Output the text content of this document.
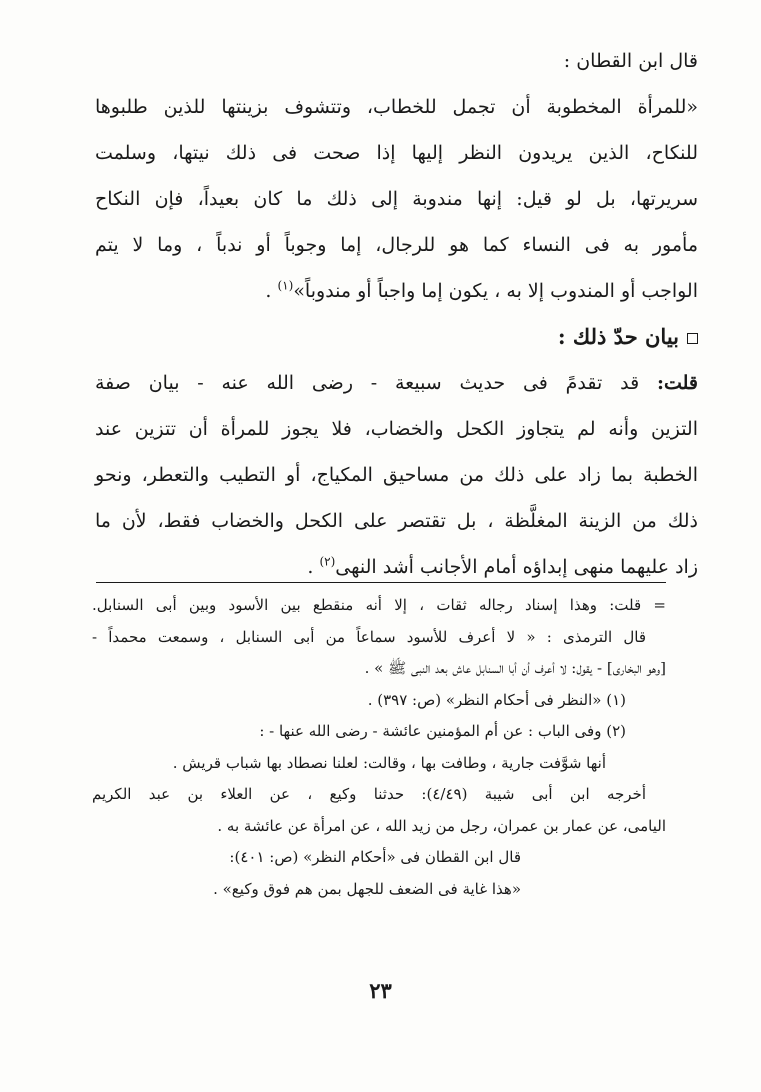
قال ابن القطان :
«للمرأة المخطوبة أن تجمل للخطاب، وتتشوف بزينتها للذين طلبوها
للنكاح، الذين يريدون النظر إليها إذا صحت فى ذلك نيتها، وسلمت
سريرتها، بل لو قيل: إنها مندوبة إلى ذلك ما كان بعيداً، فإن النكاح
مأمور به فى النساء كما هو للرجال، إما وجوباً أو ندباً ، وما لا يتم
الواجب أو المندوب إلا به ، يكون إما واجباً أو مندوباً»$^{(١)}$ .
بيان حدّ ذلك :
قلت: قد تقدمً فى حديث سبيعة - رضى الله عنه - بيان صفة
التزين وأنه لم يتجاوز الكحل والخضاب، فلا يجوز للمرأة أن تتزين عند
الخطبة بما زاد على ذلك من مساحيق المكياج، أو التطيب والتعطر، ونحو
ذلك من الزينة المغلَّظة ، بل تقتصر على الكحل والخضاب فقط، لأن ما
زاد عليهما منهى إبداؤه أمام الأجانب أشد النهى$^{(٢)}$ .
= قلت: وهذا إسناد رجاله ثقات ، إلا أنه منقطع بين الأسود وبين أبى السنابل.
قال الترمذى : « لا أعرف للأسود سماعاً من أبى السنابل ، وسمعت محمداً -
[وهو البخارى] - يقول: لا أعرف أن أبا السنابل عاش بعد النبى ﷺ » .
(١) «النظر فى أحكام النظر» (ص: ٣٩٧) .
(٢) وفى الباب : عن أم المؤمنين عائشة - رضى الله عنها - :
أنها شوَّفت جارية ، وطافت بها ، وقالت: لعلنا نصطاد بها شباب قريش .
أخرجه ابن أبى شيبة (٤/٤٩): حدثنا وكيع ، عن العلاء بن عبد الكريم
اليامى، عن عمار بن عمران، رجل من زيد الله ، عن امرأة عن عائشة به .
قال ابن القطان فى «أحكام النظر» (ص: ٤٠١):
«هذا غاية فى الضعف للجهل بمن هم فوق وكيع» .
٢٣
